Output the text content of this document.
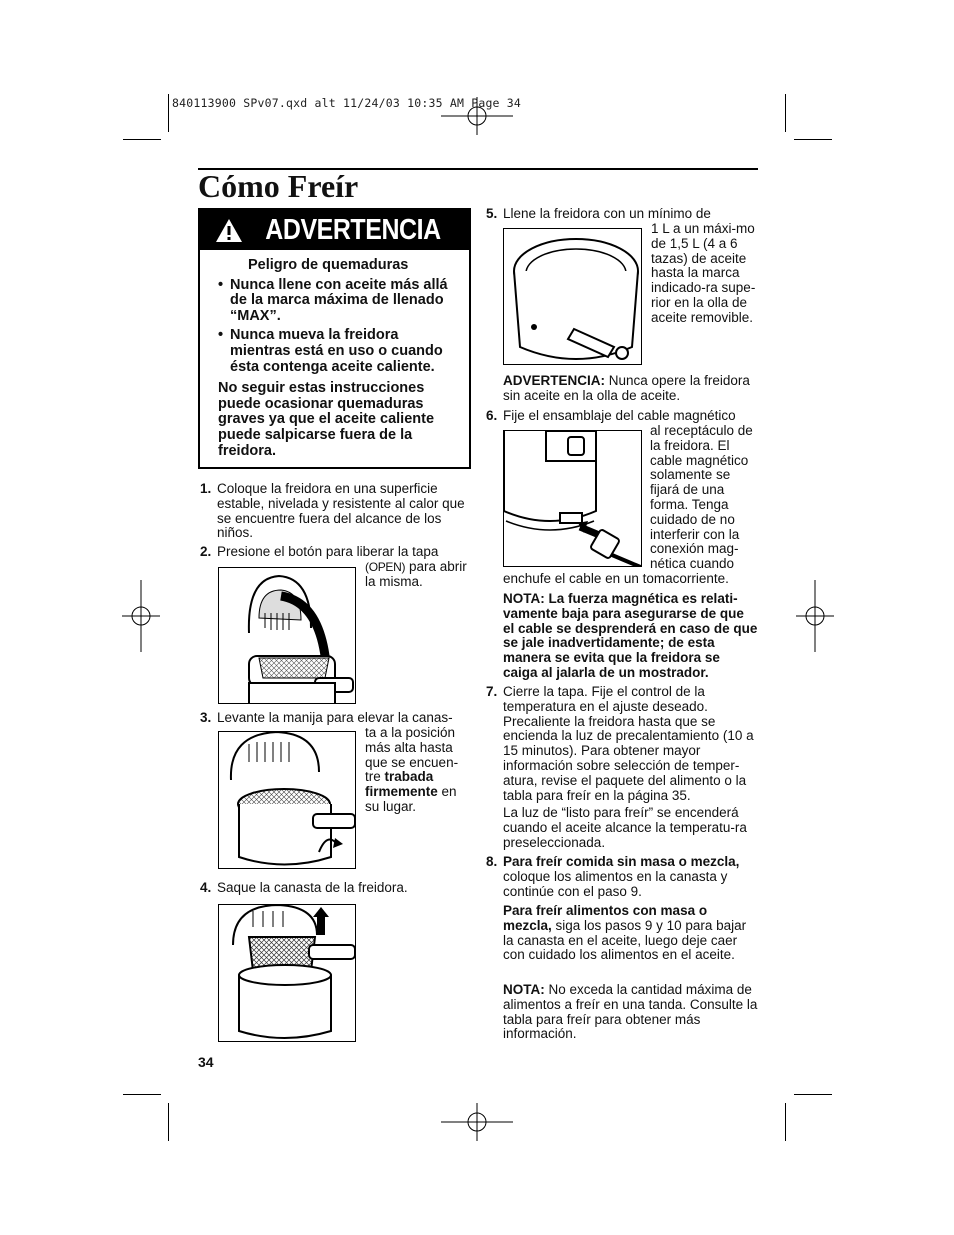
840113900 SPv07.qxd alt 11/24/03 10:35 AM Page 34
Cómo Freír
ADVERTENCIA
Peligro de quemaduras
• Nunca llene con aceite más allá de la marca máxima de llenado “MAX”.
• Nunca mueva la freidora mientras está en uso o cuando ésta contenga aceite caliente.
No seguir estas instrucciones puede ocasionar quemaduras graves ya que el aceite caliente puede salpicarse fuera de la freidora.
1. Coloque la freidora en una superficie estable, nivelada y resistente al calor que se encuentre fuera del alcance de los niños.
2. Presione el botón para liberar la tapa
(OPEN) para abrir la misma.
3. Levante la manija para elevar la canas-
ta a la posición más alta hasta que se encuen-tre trabada firmemente en su lugar.
4. Saque la canasta de la freidora.
34
5. Llene la freidora con un mínimo de
1 L a un máxi-mo de 1,5 L (4 a 6 tazas) de aceite hasta la marca indicado-ra supe-rior en la olla de aceite removible.
ADVERTENCIA: Nunca opere la freidora sin aceite en la olla de aceite.
6. Fije el ensamblaje del cable magnético
al receptáculo de la freidora. El cable magnético solamente se fijará de una forma. Tenga cuidado de no interferir con la conexión mag-nética cuando
enchufe el cable en un tomacorriente.
NOTA: La fuerza magnética es relati-vamente baja para asegurarse de que el cable se desprenderá en caso de que se jale inadvertidamente; de esta manera se evita que la freidora se caiga al jalarla de un mostrador.
7. Cierre la tapa. Fije el control de la temperatura en el ajuste deseado. Precaliente la freidora hasta que se encienda la luz de precalentamiento (10 a 15 minutos). Para obtener mayor información sobre selección de temper-atura, revise el paquete del alimento o la tabla para freír en la página 35.
La luz de “listo para freír” se encenderá cuando el aceite alcance la temperatu-ra preseleccionada.
8. Para freír comida sin masa o mezcla, coloque los alimentos en la canasta y continúe con el paso 9.
Para freír alimentos con masa o mezcla, siga los pasos 9 y 10 para bajar la canasta en el aceite, luego deje caer con cuidado los alimentos en el aceite.
NOTA: No exceda la cantidad máxima de alimentos a freír en una tanda. Consulte la tabla para freír para obtener más información.
